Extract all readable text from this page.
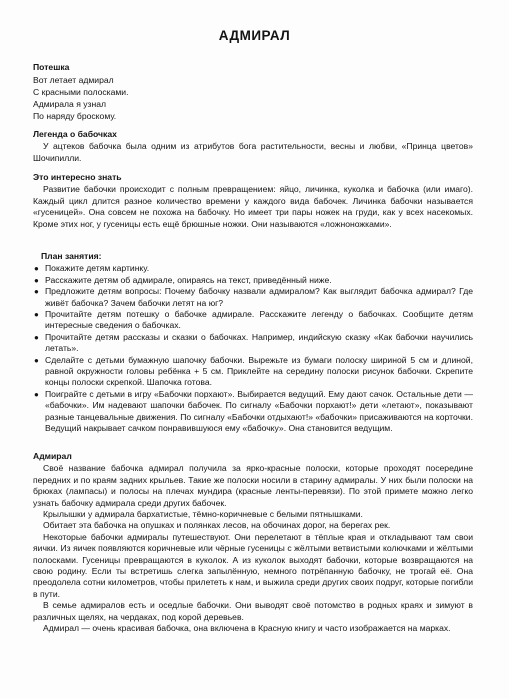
АДМИРАЛ
Потешка

Вот летает адмирал

С красными полосками.

Адмирала я узнал

По наряду броскому.

Легенда о бабочках

У ацтеков бабочка была одним из атрибутов бога растительности, весны и любви, «Принца цветов» Шочипилли.

Это интересно знать

Развитие бабочки происходит с полным превращением: яйцо, личинка, куколка и бабочка (или имаго). Каждый цикл длится разное количество времени у каждого вида бабочек. Личинка бабочки называется «гусеницей». Она совсем не похожа на бабочку. Но имеет три пары ножек на груди, как у всех насекомых. Кроме этих ног, у гусеницы есть ещё брюшные ножки. Они называются «ложноножками».

План занятия:
● Покажите детям картинку.
● Расскажите детям об адмирале, опираясь на текст, приведённый ниже.
● Предложите детям вопросы: Почему бабочку назвали адмиралом? Как выглядит бабочка адмирал? Где живёт бабочка? Зачем бабочки летят на юг?
● Прочитайте детям потешку о бабочке адмирале. Расскажите легенду о бабочках. Сообщите детям интересные сведения о бабочках.
● Прочитайте детям рассказы и сказки о бабочках. Например, индийскую сказку «Как бабочки научились летать».
● Сделайте с детьми бумажную шапочку бабочки. Вырежьте из бумаги полоску шириной 5 см и длиной, равной окружности головы ребёнка + 5 см. Приклейте на середину полоски рисунок бабочки. Скрепите концы полоски скрепкой. Шапочка готова.
● Поиграйте с детьми в игру «Бабочки порхают». Выбирается ведущий. Ему дают сачок. Остальные дети — «бабочки». Им надевают шапочки бабочек. По сигналу «Бабочки порхают!» дети «летают», показывают разные танцевальные движения. По сигналу «Бабочки отдыхают!» «бабочки» присаживаются на корточки. Ведущий накрывает сачком понравившуюся ему «бабочку». Она становится ведущим.
Адмирал

Своё название бабочка адмирал получила за ярко-красные полоски, которые проходят посередине передних и по краям задних крыльев. Такие же полоски носили в старину адмиралы. У них были полоски на брюках (лампасы) и полосы на плечах мундира (красные ленты-перевязи). По этой примете можно легко узнать бабочку адмирала среди других бабочек.

Крылышки у адмирала бархатистые, тёмно-коричневые с белыми пятнышками.

Обитает эта бабочка на опушках и полянках лесов, на обочинах дорог, на берегах рек.

Некоторые бабочки адмиралы путешествуют. Они перелетают в тёплые края и откладывают там свои яички. Из яичек появляются коричневые или чёрные гусеницы с жёлтыми ветвистыми колючками и жёлтыми полосками. Гусеницы превращаются в куколок. А из куколок выходят бабочки, которые возвращаются на свою родину. Если ты встретишь слегка запылённую, немного потрёпанную бабочку, не трогай её. Она преодолела сотни километров, чтобы прилететь к нам, и выжила среди других своих подруг, которые погибли в пути.

В семье адмиралов есть и оседлые бабочки. Они выводят своё потомство в родных краях и зимуют в различных щелях, на чердаках, под корой деревьев.

Адмирал — очень красивая бабочка, она включена в Красную книгу и часто изображается на марках.
